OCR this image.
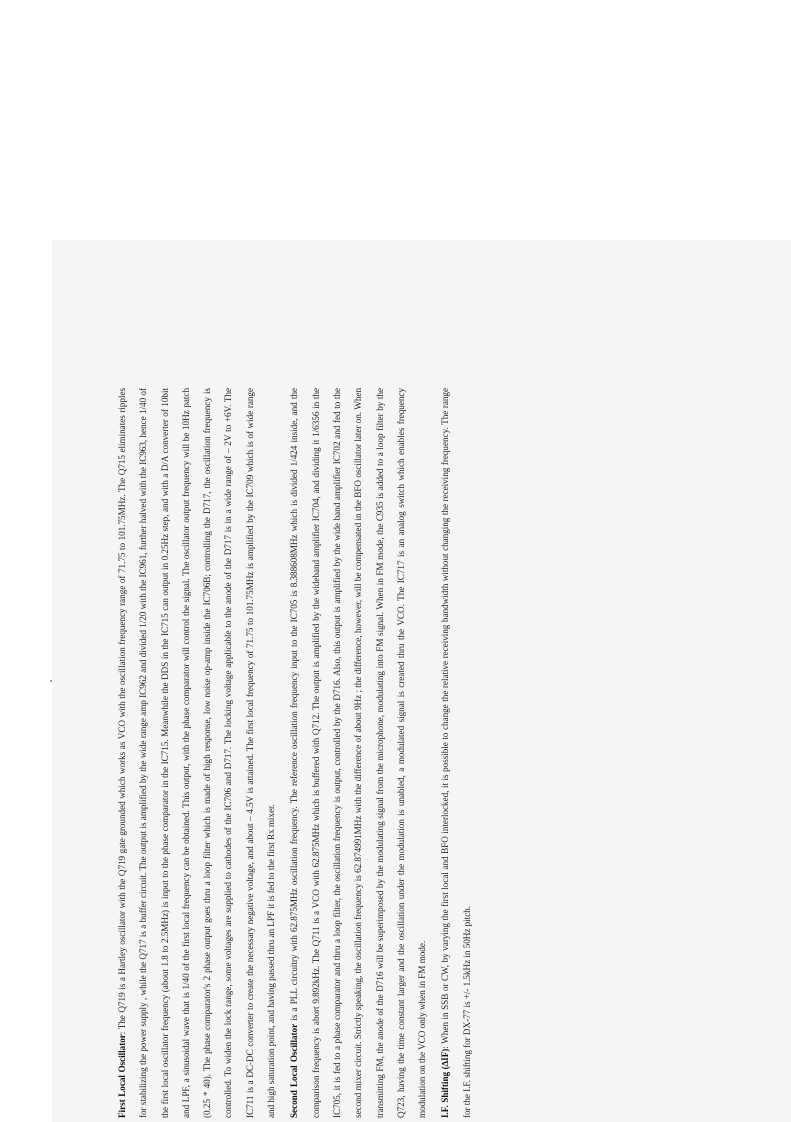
First Local Oscillator: The Q719 is a Hartley oscillator with the Q719 gate grounded which works as VCO with the oscillation frequency range of 71.75 to 101.75MHz. The Q715 eliminates ripples for stabilizing the power supply , while the Q717 is a buffer circuit. The output is amplified by the wide range amp IC962 and divided 1/20 with the IC961, further halved with the IC963, hence 1/40 of the first local oscillator frequency (about 1.8 to 2.5MHz) is input to the phase comparator in the IC715. Meanwhile the DDS in the IC715 can output in 0.25Hz step, and with a D/A converter of 10bit and LPF, a sinusoidal wave that is 1/40 of the first local frequency can be obtained. This output, with the phase comparator will control the signal. The oscillator output frequency will be 10Hz patch (0.25 * 40). The phase comparator's 2 phase output goes thru a loop filter which is made of high response, low noise op-amp inside the IC706B; controlling the D717, the oscillation frequency is controlled. To widen the lock range, some voltages are supplied to cathodes of the IC706 and D717. The locking voltage applicable to the anode of the D717 is in a wide range of – 2V to +6V. The IC711 is a DC-DC converter to create the necessary negative voltage, and about – 4.5V is attained. The first local frequency of 71.75 to 101.75MHz is amplified by the IC709 which is of wide range and high saturation point, and having passed thru an LPF it is fed to the first Rx mixer.	Second Local Oscillator is a PLL circuitry with 62.875MHz oscillation frequency. The reference oscillation frequency input to the IC705 is 8.388608MHz which is divided 1/424 inside, and the comparison frequency is abort 9.892kHz. The Q711 is a VCO with 62.875MHz which is buffered with Q712. The output is amplified by the wideband amplifier IC704, and dividing it 1/6356 in the IC705, it is fed to a phase comparator and thru a loop filter, the oscillation frequency is output, controlled by the D716. Also, this output is amplified by the wide band amplifier IC702 and fed to the second mixer circuit. Strictly speaking, the oscillation frequency is 62.874991MHz with the difference of about 9Hz ; the difference, however, will be compensated in the BFO oscillator later on. When transmitting FM, the anode of the D716 will be superimposed by the modulating signal from the microphone, modulating into FM signal. When in FM mode, the C935 is added to a loop filter by the Q723, having the time constant larger and the oscillation under the modulation is unabled, a modulated signal is created thru the VCO. The IC717 is an analog switch which enables frequency modulation on the VCO only when in FM mode.	I.F. Shifting (∆IF): When in SSB or CW, by varying the first local and BFO interlocked, it is possible to change the relative receiving bandwidth without changing the receiving frequency. The range for the I.F. shifting for DX-77 is +/- 1.5kHz in 50Hz pitch.
